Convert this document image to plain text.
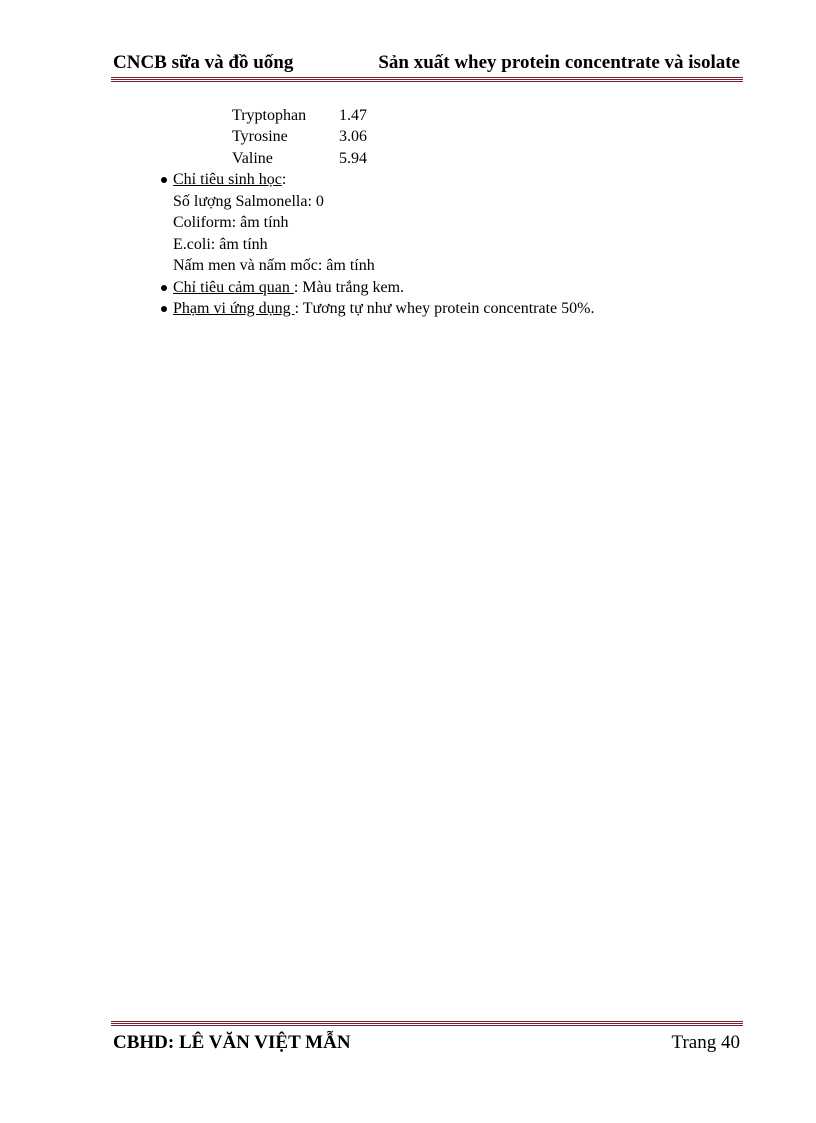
CNCB sữa và đồ uống	Sản xuất whey protein concentrate và isolate
Tryptophan	1.47
Tyrosine	3.06
Valine	5.94
Chỉ tiêu sinh học:
Số lượng Salmonella: 0
Coliform: âm tính
E.coli: âm tính
Nấm men và nấm mốc: âm tính
Chỉ tiêu cảm quan : Màu trắng kem.
Phạm vi ứng dụng : Tương tự như whey protein concentrate 50%.
CBHD: LÊ VĂN VIỆT MẪN	Trang 40
